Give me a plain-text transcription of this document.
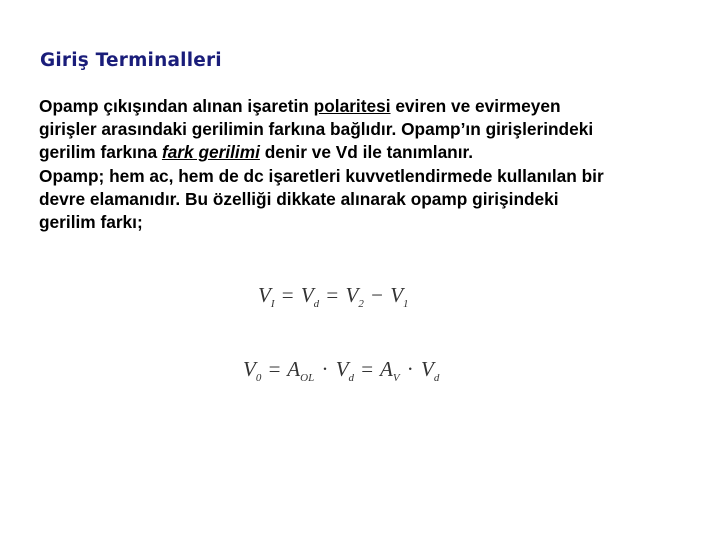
Giriş Terminalleri

Opamp çıkışından alınan işaretin polaritesi eviren ve evirmeyen

girişler arasındaki gerilimin farkına bağlıdır. Opamp’ın girişlerindeki

gerilim farkına fark gerilimi denir ve Vd ile tanımlanır.

Opamp; hem ac, hem de dc işaretleri kuvvetlendirmede kullanılan bir

devre elamanıdır. Bu özelliği dikkate alınarak opamp girişindeki

gerilim farkı;

$V_I = V_d = V_2 - V_1$
$V_0 = A_{OL} \cdot V_d = A_V \cdot V_d$
